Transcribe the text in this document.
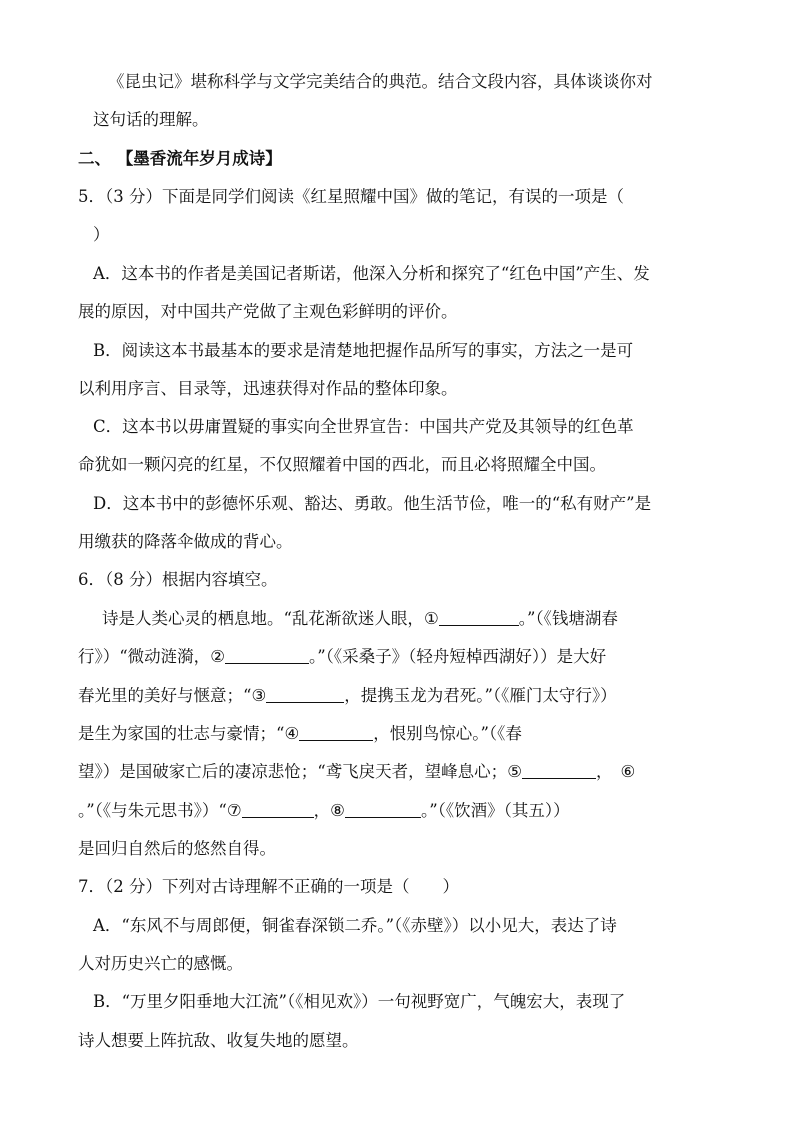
《昆虫记》堪称科学与文学完美结合的典范。结合文段内容，具体谈谈你对
这句话的理解。
二、 【墨香流年岁月成诗】
5．（3 分）下面是同学们阅读《红星照耀中国》做的笔记，有误的一项是（
）
A．这本书的作者是美国记者斯诺，他深入分析和探究了“红色中国”产生、发
展的原因，对中国共产党做了主观色彩鲜明的评价。
B．阅读这本书最基本的要求是清楚地把握作品所写的事实，方法之一是可
以利用序言、目录等，迅速获得对作品的整体印象。
C．这本书以毋庸置疑的事实向全世界宣告：中国共产党及其领导的红色革
命犹如一颗闪亮的红星，不仅照耀着中国的西北，而且必将照耀全中国。
D．这本书中的彭德怀乐观、豁达、勇敢。他生活节俭，唯一的“私有财产”是
用缴获的降落伞做成的背心。
6．（8 分）根据内容填空。
诗是人类心灵的栖息地。“乱花渐欲迷人眼，①	。”（《钱塘湖春
行》）“微动涟漪，②	。”（《采桑子》（轻舟短棹西湖好））是大好
春光里的美好与惬意；“③	，提携玉龙为君死。”（《雁门太守行》）
是生为家国的壮志与豪情；“④	，恨别鸟惊心。”（《春
望》）是国破家亡后的凄凉悲怆；“鸢飞戾天者，望峰息心；⑤	， ⑥
。”（《与朱元思书》）“⑦	，⑧	。”（《饮酒》（其五））
是回归自然后的悠然自得。
7．（2 分）下列对古诗理解不正确的一项是（　　）
A．“东风不与周郎便，铜雀春深锁二乔。”（《赤壁》）以小见大，表达了诗
人对历史兴亡的感慨。
B．“万里夕阳垂地大江流”（《相见欢》）一句视野宽广，气魄宏大，表现了
诗人想要上阵抗敌、收复失地的愿望。
